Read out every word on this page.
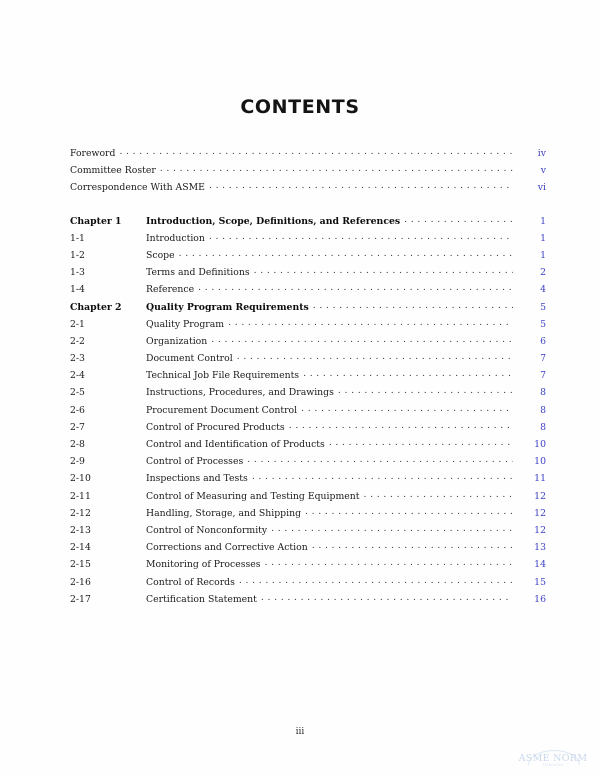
CONTENTS
Foreword . . .	iv
Committee Roster . . .	v
Correspondence With ASME . . .	vi
Chapter 1	Introduction, Scope, Definitions, and References . . .	1
1-1	Introduction . . .	1
1-2	Scope . . .	1
1-3	Terms and Definitions . . .	2
1-4	Reference . . .	4
Chapter 2	Quality Program Requirements . . .	5
2-1	Quality Program . . .	5
2-2	Organization . . .	6
2-3	Document Control . . .	7
2-4	Technical Job File Requirements . . .	7
2-5	Instructions, Procedures, and Drawings . . .	8
2-6	Procurement Document Control . . .	8
2-7	Control of Procured Products . . .	8
2-8	Control and Identification of Products . . .	10
2-9	Control of Processes . . .	10
2-10	Inspections and Tests . . .	11
2-11	Control of Measuring and Testing Equipment . . .	12
2-12	Handling, Storage, and Shipping . . .	12
2-13	Control of Nonconformity . . .	12
2-14	Corrections and Corrective Action . . .	13
2-15	Monitoring of Processes . . .	14
2-16	Control of Records . . .	15
2-17	Certification Statement . . .	16
iii
ASME NORM
STANDARDS
